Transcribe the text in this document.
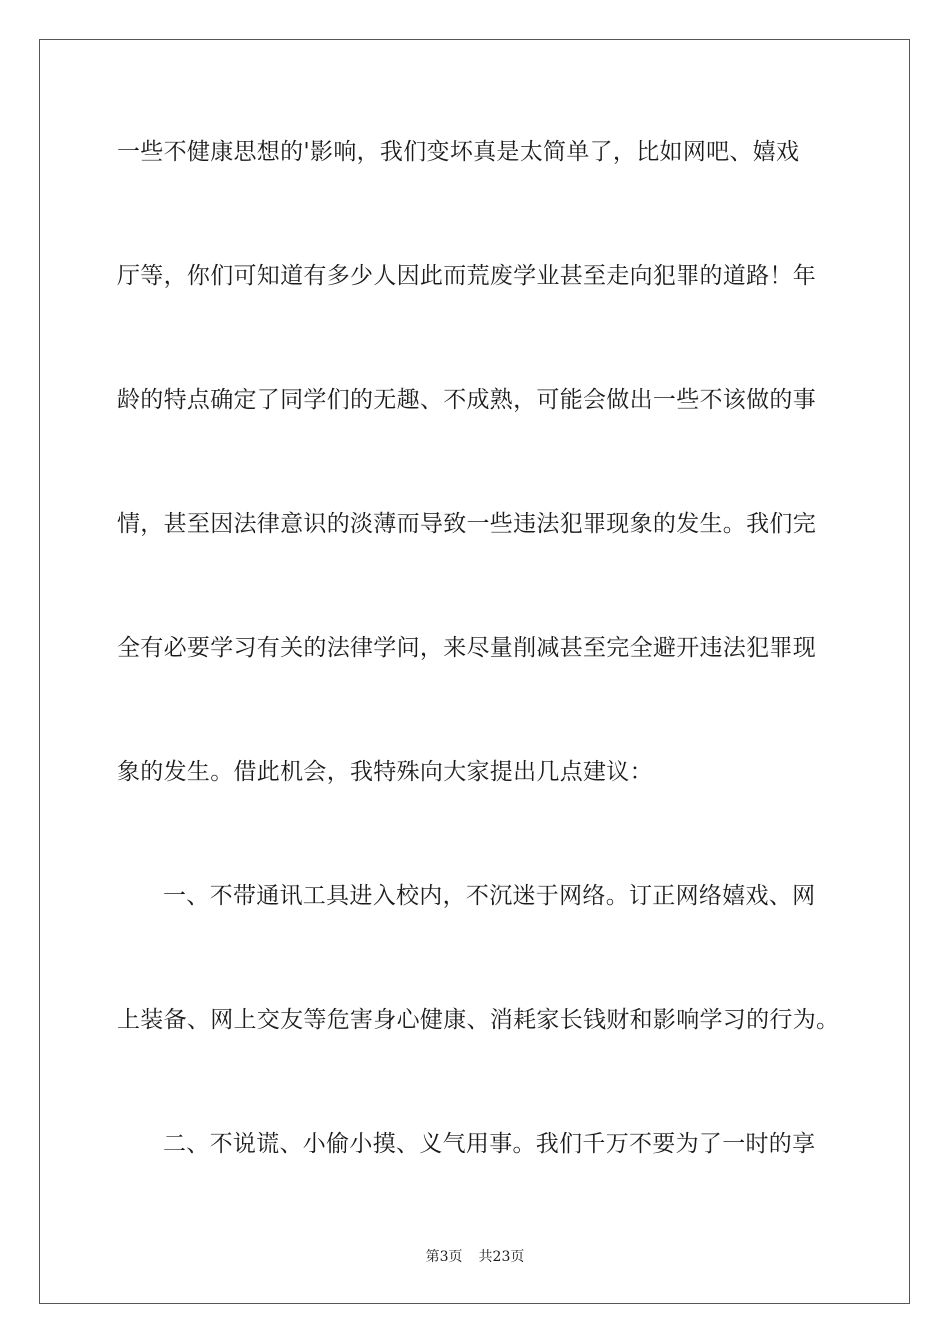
一些不健康思想的'影响，我们变坏真是太简单了，比如网吧、嬉戏
厅等，你们可知道有多少人因此而荒废学业甚至走向犯罪的道路！年
龄的特点确定了同学们的无趣、不成熟，可能会做出一些不该做的事
情，甚至因法律意识的淡薄而导致一些违法犯罪现象的发生。我们完
全有必要学习有关的法律学问，来尽量削减甚至完全避开违法犯罪现
象的发生。借此机会，我特殊向大家提出几点建议：
一、不带通讯工具进入校内，不沉迷于网络。订正网络嬉戏、网
上装备、网上交友等危害身心健康、消耗家长钱财和影响学习的行为。
二、不说谎、小偷小摸、义气用事。我们千万不要为了一时的享
第3页 共23页
